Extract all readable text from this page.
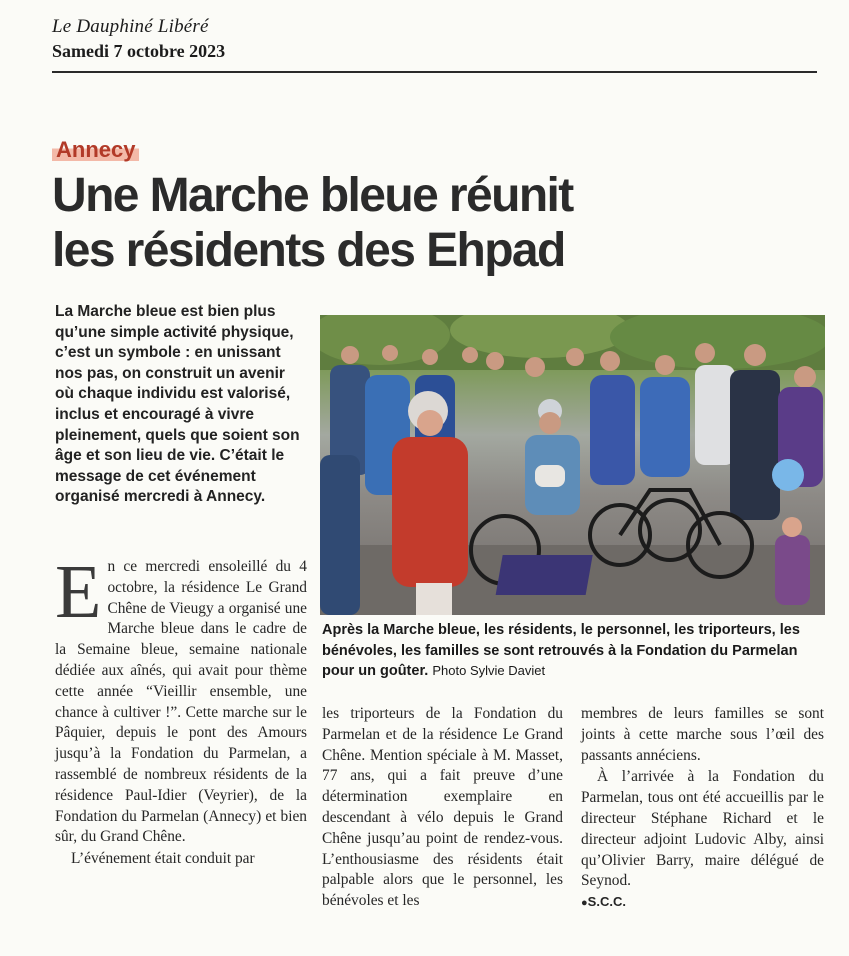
Le Dauphiné Libéré
Samedi 7 octobre 2023
Annecy
Une Marche bleue réunit
les résidents des Ehpad
La Marche bleue est bien plus qu’une simple activité physique, c’est un symbole : en unissant nos pas, on construit un avenir où chaque individu est valorisé, inclus et encouragé à vivre pleinement, quels que soient son âge et son lieu de vie. C’était le message de cet événement organisé mercredi à Annecy.
Après la Marche bleue, les résidents, le personnel, les triporteurs, les bénévoles, les familles se sont retrouvés à la Fondation du Parmelan pour un goûter. Photo Sylvie Daviet
En ce mercredi ensoleillé du 4 octobre, la résidence Le Grand Chêne de Vieugy a organisé une Marche bleue dans le cadre de la Semaine bleue, semaine nationale dédiée aux aînés, qui avait pour thème cette année “Vieillir ensemble, une chance à cultiver !”. Cette marche sur le Pâquier, depuis le pont des Amours jusqu’à la Fondation du Parmelan, a rassemblé de nombreux résidents de la résidence Paul-Idier (Veyrier), de la Fondation du Parmelan (Annecy) et bien sûr, du Grand Chêne.
L’événement était conduit par
les triporteurs de la Fondation du Parmelan et de la résidence Le Grand Chêne. Mention spéciale à M. Masset, 77 ans, qui a fait preuve d’une détermination exemplaire en descendant à vélo depuis le Grand Chêne jusqu’au point de rendez-vous. L’enthousiasme des résidents était palpable alors que le personnel, les bénévoles et les
membres de leurs familles se sont joints à cette marche sous l’œil des passants annéciens.
À l’arrivée à la Fondation du Parmelan, tous ont été accueillis par le directeur Stéphane Richard et le directeur adjoint Ludovic Alby, ainsi qu’Olivier Barry, maire délégué de Seynod.
●S.C.C.
